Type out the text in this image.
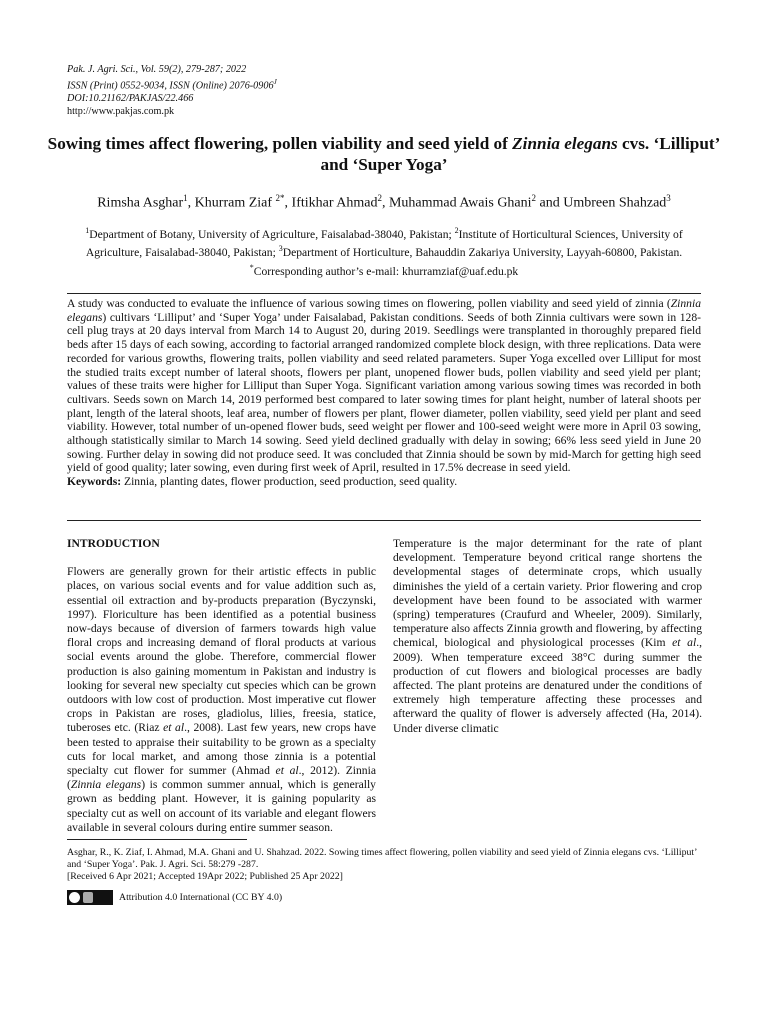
Pak. J. Agri. Sci., Vol. 59(2), 279-287; 2022
ISSN (Print) 0552-9034, ISSN (Online) $2076-0906^J$
DOI:10.21162/PAKJAS/22.466
http://www.pakjas.com.pk
Sowing times affect flowering, pollen viability and seed yield of Zinnia elegans cvs. ‘Lilliput’ and ‘Super Yoga’
Rimsha Asghar$^1$, Khurram Ziaf $^{2*}$, Iftikhar Ahmad$^2$, Muhammad Awais Ghani$^2$ and Umbreen Shahzad$^3$
$^1$Department of Botany, University of Agriculture, Faisalabad-38040, Pakistan; $^2$Institute of Horticultural Sciences, University of Agriculture, Faisalabad-38040, Pakistan; $^3$Department of Horticulture, Bahauddin Zakariya University, Layyah-60800, Pakistan.
*Corresponding author’s e-mail: khurramziaf@uaf.edu.pk
A study was conducted to evaluate the influence of various sowing times on flowering, pollen viability and seed yield of zinnia (Zinnia elegans) cultivars ‘Lilliput’ and ‘Super Yoga’ under Faisalabad, Pakistan conditions. Seeds of both Zinnia cultivars were sown in 128-cell plug trays at 20 days interval from March 14 to August 20, during 2019. Seedlings were transplanted in thoroughly prepared field beds after 15 days of each sowing, according to factorial arranged randomized complete block design, with three replications. Data were recorded for various growths, flowering traits, pollen viability and seed related parameters. Super Yoga excelled over Lilliput for most the studied traits except number of lateral shoots, flowers per plant, unopened flower buds, pollen viability and seed yield per plant; values of these traits were higher for Lilliput than Super Yoga. Significant variation among various sowing times was recorded in both cultivars. Seeds sown on March 14, 2019 performed best compared to later sowing times for plant height, number of lateral shoots per plant, length of the lateral shoots, leaf area, number of flowers per plant, flower diameter, pollen viability, seed yield per plant and seed viability. However, total number of un-opened flower buds, seed weight per flower and 100-seed weight were more in April 03 sowing, although statistically similar to March 14 sowing. Seed yield declined gradually with delay in sowing; 66% less seed yield in June 20 sowing. Further delay in sowing did not produce seed. It was concluded that Zinnia should be sown by mid-March for getting high seed yield of good quality; later sowing, even during first week of April, resulted in 17.5% decrease in seed yield.
Keywords: Zinnia, planting dates, flower production, seed production, seed quality.

INTRODUCTION

Flowers are generally grown for their artistic effects in public places, on various social events and for value addition such as, essential oil extraction and by-products preparation (Byczynski, 1997). Floriculture has been identified as a potential business now-days because of diversion of farmers towards high value floral crops and increasing demand of floral products at various social events around the globe. Therefore, commercial flower production is also gaining momentum in Pakistan and industry is looking for several new specialty cut species which can be grown outdoors with low cost of production. Most imperative cut flower crops in Pakistan are roses, gladiolus, lilies, freesia, statice, tuberoses etc. (Riaz et al., 2008). Last few years, new crops have been tested to appraise their suitability to be grown as a specialty cuts for local market, and among those zinnia is a potential specialty cut flower for summer (Ahmad et al., 2012). Zinnia (Zinnia elegans) is common summer annual, which is generally grown as bedding plant. However, it is gaining popularity as specialty cut as well on account of its variable and elegant flowers available in several colours during entire summer season.

Temperature is the major determinant for the rate of plant development. Temperature beyond critical range shortens the developmental stages of determinate crops, which usually diminishes the yield of a certain variety. Prior flowering and crop development have been found to be associated with warmer (spring) temperatures (Craufurd and Wheeler, 2009). Similarly, temperature also affects Zinnia growth and flowering, by affecting chemical, biological and physiological processes (Kim et al., 2009). When temperature exceed 38°C during summer the production of cut flowers and biological processes are badly affected. The plant proteins are denatured under the conditions of extremely high temperature affecting these processes and afterward the quality of flower is adversely affected (Ha, 2014). Under diverse climatic

Asghar, R., K. Ziaf, I. Ahmad, M.A. Ghani and U. Shahzad. 2022. Sowing times affect flowering, pollen viability and seed yield of Zinnia elegans cvs. ‘Lilliput’ and ‘Super Yoga’. Pak. J. Agri. Sci. 58:279 -287.
[Received 6 Apr 2021; Accepted 19Apr 2022; Published 25 Apr 2022]
Attribution 4.0 International (CC BY 4.0)
